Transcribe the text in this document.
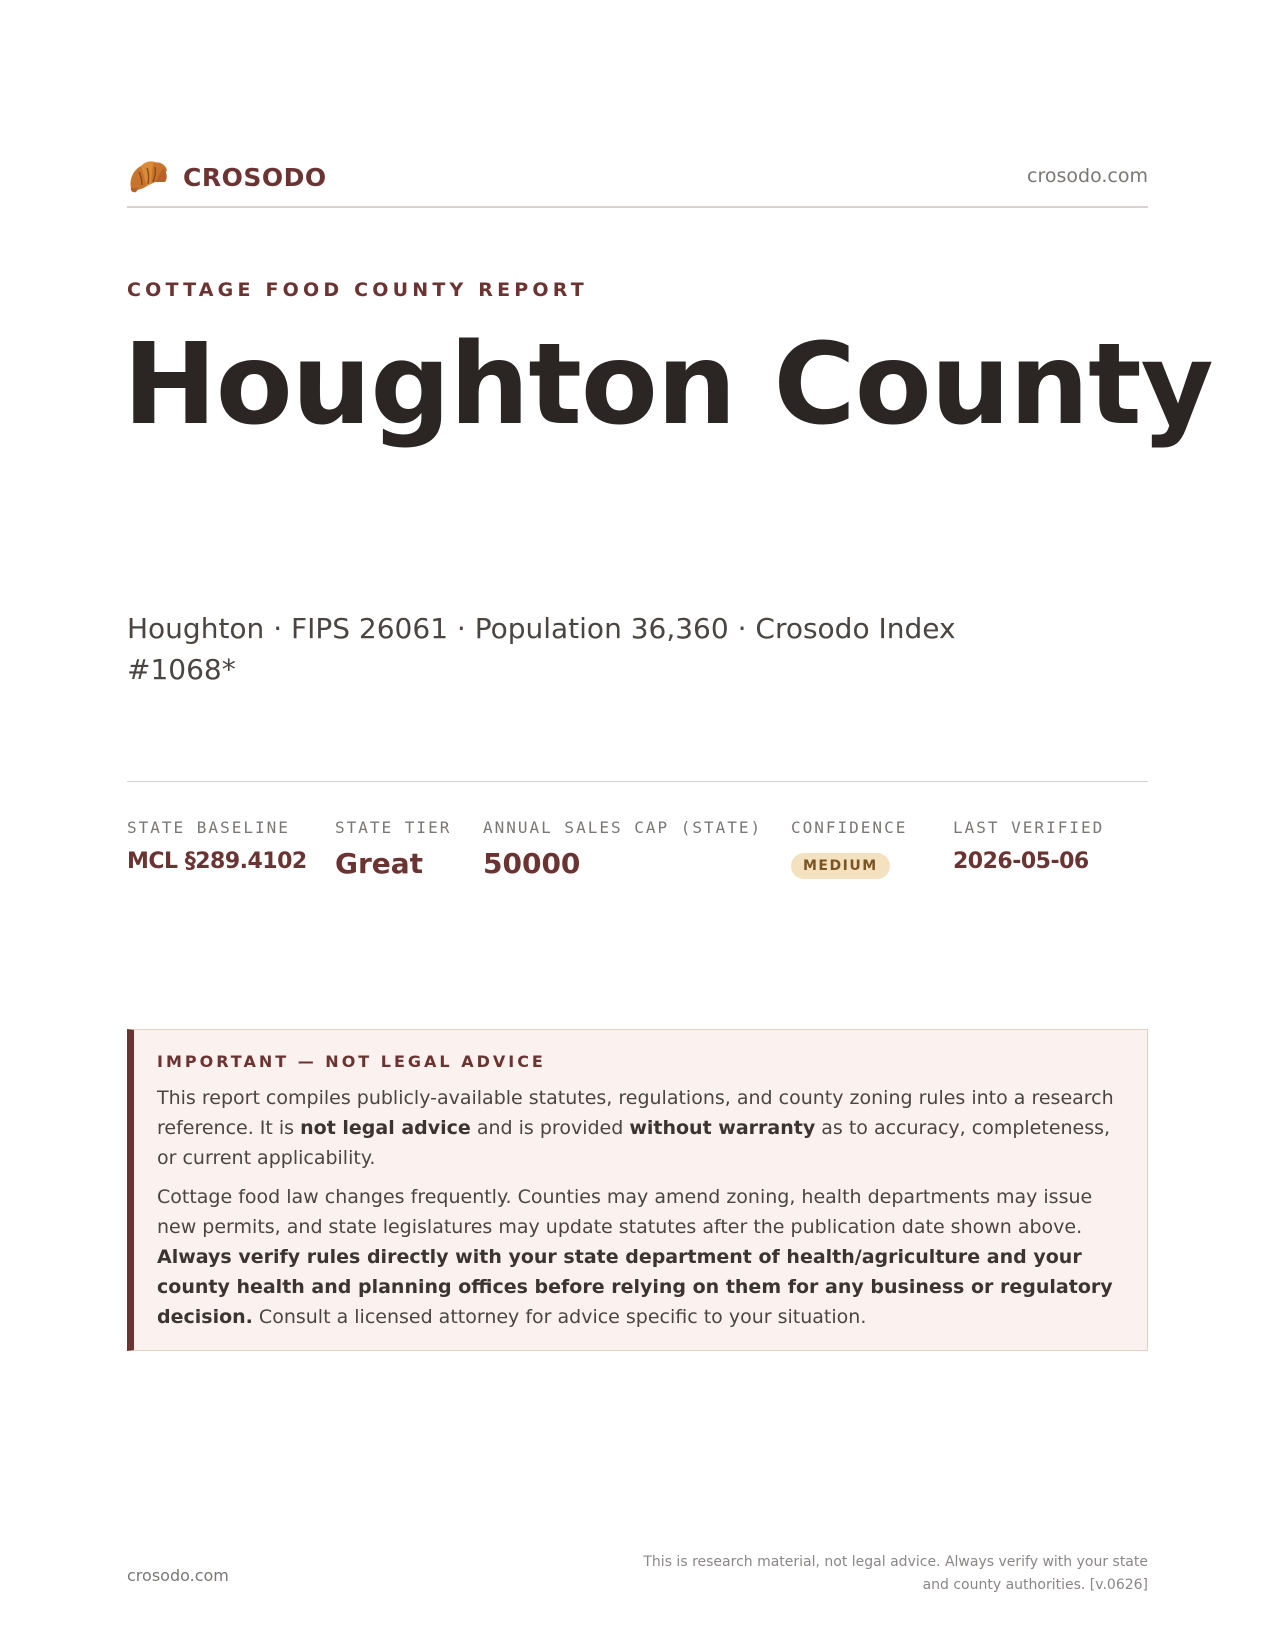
CROSODO	crosodo.com
COTTAGE FOOD COUNTY REPORT
Houghton County
Houghton · FIPS 26061 · Population 36,360 · Crosodo Index #1068*
STATE BASELINE
MCL §289.4102
STATE TIER
Great
ANNUAL SALES CAP (STATE)
50000
CONFIDENCE
MEDIUM
LAST VERIFIED
2026-05-06
IMPORTANT — NOT LEGAL ADVICE

This report compiles publicly-available statutes, regulations, and county zoning rules into a research reference. It is not legal advice and is provided without warranty as to accuracy, completeness, or current applicability.

Cottage food law changes frequently. Counties may amend zoning, health departments may issue new permits, and state legislatures may update statutes after the publication date shown above. Always verify rules directly with your state department of health/agriculture and your county health and planning offices before relying on them for any business or regulatory decision. Consult a licensed attorney for advice specific to your situation.

crosodo.com
This is research material, not legal advice. Always verify with your state and county authorities. [v.0626]
